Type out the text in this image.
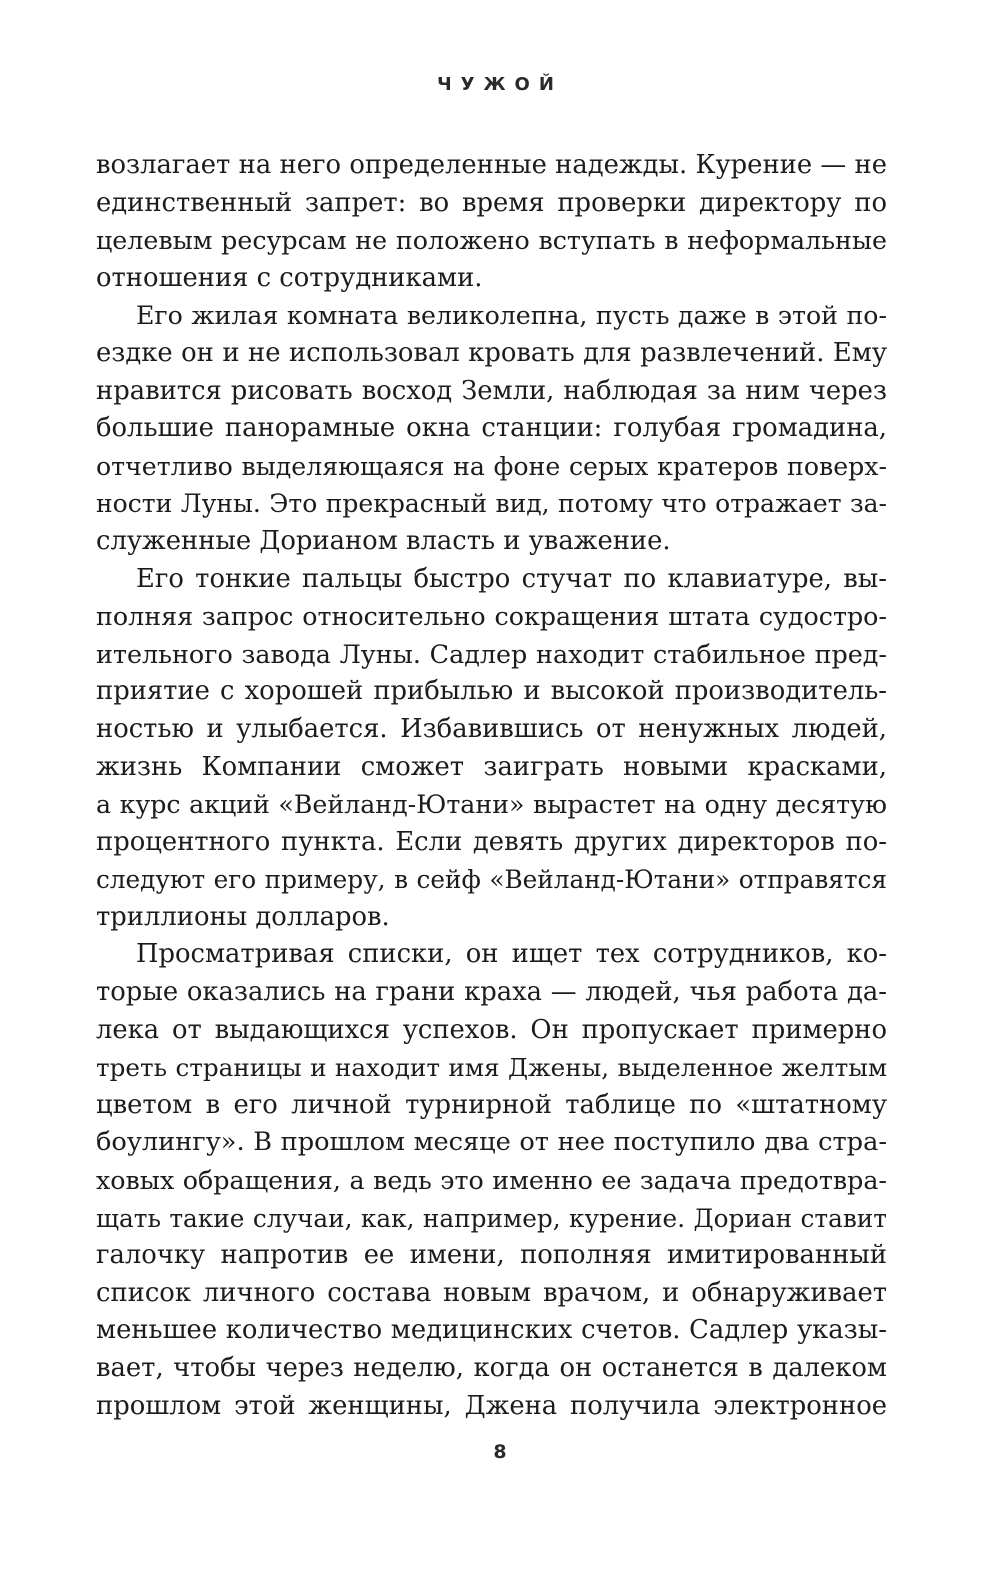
ЧУЖОЙ
возлагает на него определенные надежды. Курение — не
единственный запрет: во время проверки директору по
целевым ресурсам не положено вступать в неформальные
отношения с сотрудниками.
Его жилая комната великолепна, пусть даже в этой по-
ездке он и не использовал кровать для развлечений. Ему
нравится рисовать восход Земли, наблюдая за ним через
большие панорамные окна станции: голубая громадина,
отчетливо выделяющаяся на фоне серых кратеров поверх-
ности Луны. Это прекрасный вид, потому что отражает за-
служенные Дорианом власть и уважение.
Его тонкие пальцы быстро стучат по клавиатуре, вы-
полняя запрос относительно сокращения штата судостро-
ительного завода Луны. Садлер находит стабильное пред-
приятие с хорошей прибылью и высокой производитель-
ностью и улыбается. Избавившись от ненужных людей,
жизнь Компании сможет заиграть новыми красками,
а курс акций «Вейланд-Ютани» вырастет на одну десятую
процентного пункта. Если девять других директоров по-
следуют его примеру, в сейф «Вейланд-Ютани» отправятся
триллионы долларов.
Просматривая списки, он ищет тех сотрудников, ко-
торые оказались на грани краха — людей, чья работа да-
лека от выдающихся успехов. Он пропускает примерно
треть страницы и находит имя Джены, выделенное желтым
цветом в его личной турнирной таблице по «штатному
боулингу». В прошлом месяце от нее поступило два стра-
ховых обращения, а ведь это именно ее задача предотвра-
щать такие случаи, как, например, курение. Дориан ставит
галочку напротив ее имени, пополняя имитированный
список личного состава новым врачом, и обнаруживает
меньшее количество медицинских счетов. Садлер указы-
вает, чтобы через неделю, когда он останется в далеком
прошлом этой женщины, Джена получила электронное
8
